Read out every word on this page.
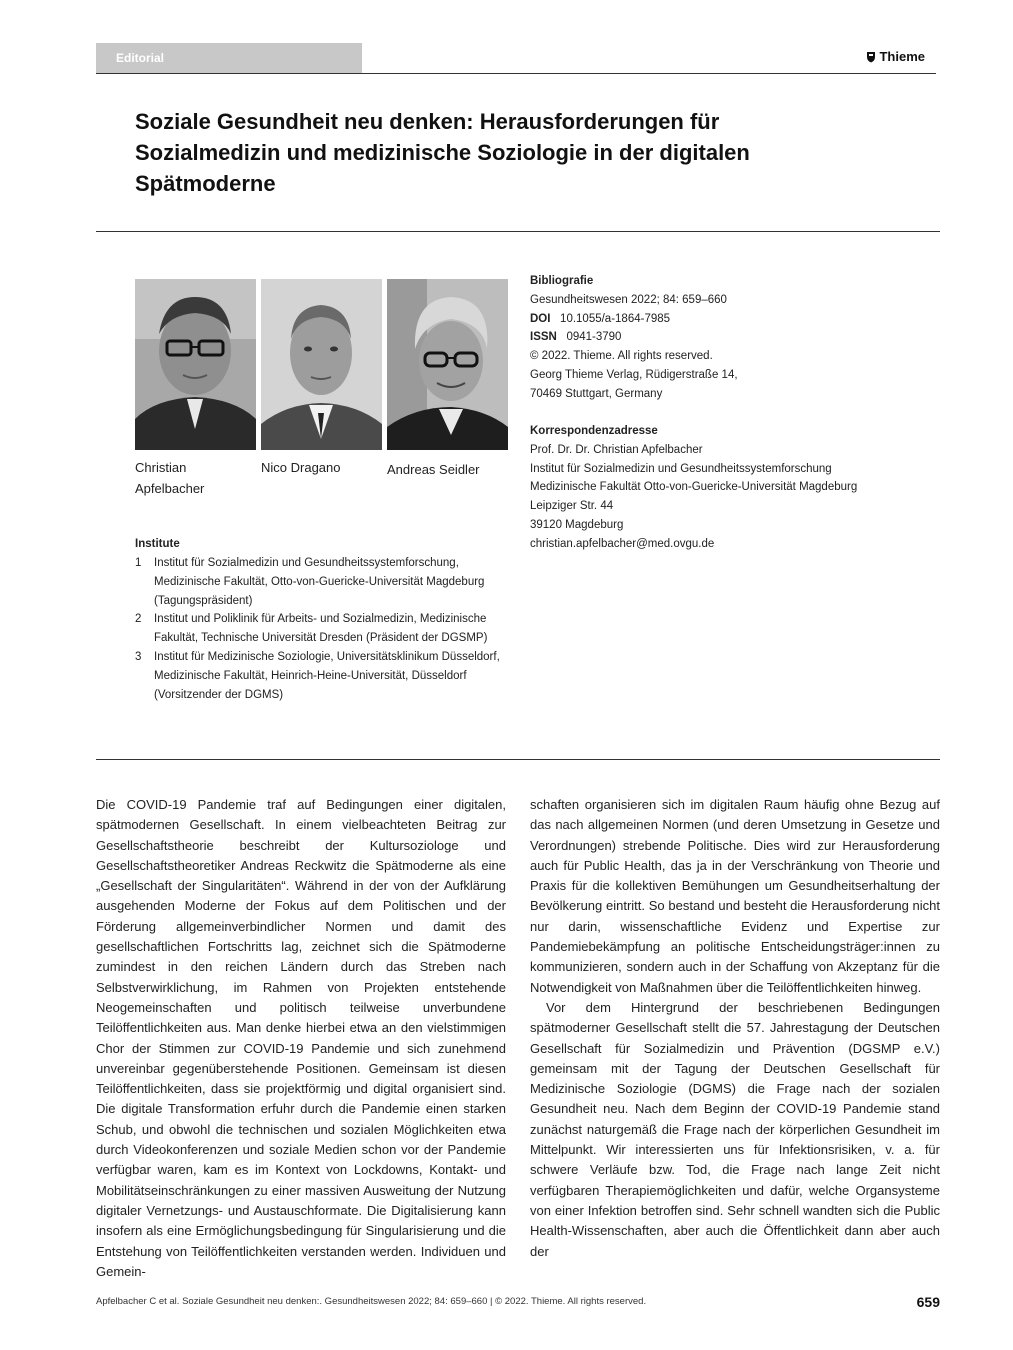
Editorial	Thieme
Soziale Gesundheit neu denken: Herausforderungen für Sozialmedizin und medizinische Soziologie in der digitalen Spätmoderne
Christian
Apfelbacher
Nico Dragano	Andreas Seidler
Bibliografie
Gesundheitswesen 2022; 84: 659–660
DOI 10.1055/a-1864-7985
ISSN 0941-3790
© 2022. Thieme. All rights reserved.
Georg Thieme Verlag, Rüdigerstraße 14,
70469 Stuttgart, Germany
Korrespondenzadresse
Prof. Dr. Dr. Christian Apfelbacher
Institut für Sozialmedizin und Gesundheitssystemforschung
Medizinische Fakultät Otto-von-Guericke-Universität Magdeburg
Leipziger Str. 44
39120 Magdeburg
christian.apfelbacher@med.ovgu.de
Institute
1	Institut für Sozialmedizin und Gesundheitssystemforschung, Medizinische Fakultät, Otto-von-Guericke-Universität Magdeburg (Tagungspräsident)
2	Institut und Poliklinik für Arbeits- und Sozialmedizin, Medizinische Fakultät, Technische Universität Dresden (Präsident der DGSMP)
3	Institut für Medizinische Soziologie, Universitätsklinikum Düsseldorf, Medizinische Fakultät, Heinrich-Heine-Universität, Düsseldorf (Vorsitzender der DGMS)

Die COVID-19 Pandemie traf auf Bedingungen einer digitalen, spätmodernen Gesellschaft. In einem vielbeachteten Beitrag zur Gesellschaftstheorie beschreibt der Kultursoziologe und Gesellschaftstheoretiker Andreas Reckwitz die Spätmoderne als eine „Gesellschaft der Singularitäten“. Während in der von der Aufklärung ausgehenden Moderne der Fokus auf dem Politischen und der Förderung allgemeinverbindlicher Normen und damit des gesellschaftlichen Fortschritts lag, zeichnet sich die Spätmoderne zumindest in den reichen Ländern durch das Streben nach Selbstverwirklichung, im Rahmen von Projekten entstehende Neogemeinschaften und politisch teilweise unverbundene Teilöffentlichkeiten aus. Man denke hierbei etwa an den vielstimmigen Chor der Stimmen zur COVID-19 Pandemie und sich zunehmend unvereinbar gegenüberstehende Positionen. Gemeinsam ist diesen Teilöffentlichkeiten, dass sie projektförmig und digital organisiert sind. Die digitale Transformation erfuhr durch die Pandemie einen starken Schub, und obwohl die technischen und sozialen Möglichkeiten etwa durch Videokonferenzen und soziale Medien schon vor der Pandemie verfügbar waren, kam es im Kontext von Lockdowns, Kontakt- und Mobilitätseinschränkungen zu einer massiven Ausweitung der Nutzung digitaler Vernetzungs- und Austauschformate. Die Digitalisierung kann insofern als eine Ermöglichungsbedingung für Singularisierung und die Entstehung von Teilöffentlichkeiten verstanden werden. Individuen und Gemein-

schaften organisieren sich im digitalen Raum häufig ohne Bezug auf das nach allgemeinen Normen (und deren Umsetzung in Gesetze und Verordnungen) strebende Politische. Dies wird zur Herausforderung auch für Public Health, das ja in der Verschränkung von Theorie und Praxis für die kollektiven Bemühungen um Gesundheitserhaltung der Bevölkerung eintritt. So bestand und besteht die Herausforderung nicht nur darin, wissenschaftliche Evidenz und Expertise zur Pandemiebekämpfung an politische Entscheidungsträger:innen zu kommunizieren, sondern auch in der Schaffung von Akzeptanz für die Notwendigkeit von Maßnahmen über die Teilöffentlichkeiten hinweg.

Vor dem Hintergrund der beschriebenen Bedingungen spätmoderner Gesellschaft stellt die 57. Jahrestagung der Deutschen Gesellschaft für Sozialmedizin und Prävention (DGSMP e.V.) gemeinsam mit der Tagung der Deutschen Gesellschaft für Medizinische Soziologie (DGMS) die Frage nach der sozialen Gesundheit neu. Nach dem Beginn der COVID-19 Pandemie stand zunächst naturgemäß die Frage nach der körperlichen Gesundheit im Mittelpunkt. Wir interessierten uns für Infektionsrisiken, v. a. für schwere Verläufe bzw. Tod, die Frage nach lange Zeit nicht verfügbaren Therapiemöglichkeiten und dafür, welche Organsysteme von einer Infektion betroffen sind. Sehr schnell wandten sich die Public Health-Wissenschaften, aber auch die Öffentlichkeit dann aber auch der

Apfelbacher C et al. Soziale Gesundheit neu denken:. Gesundheitswesen 2022; 84: 659–660 | © 2022. Thieme. All rights reserved.	659
